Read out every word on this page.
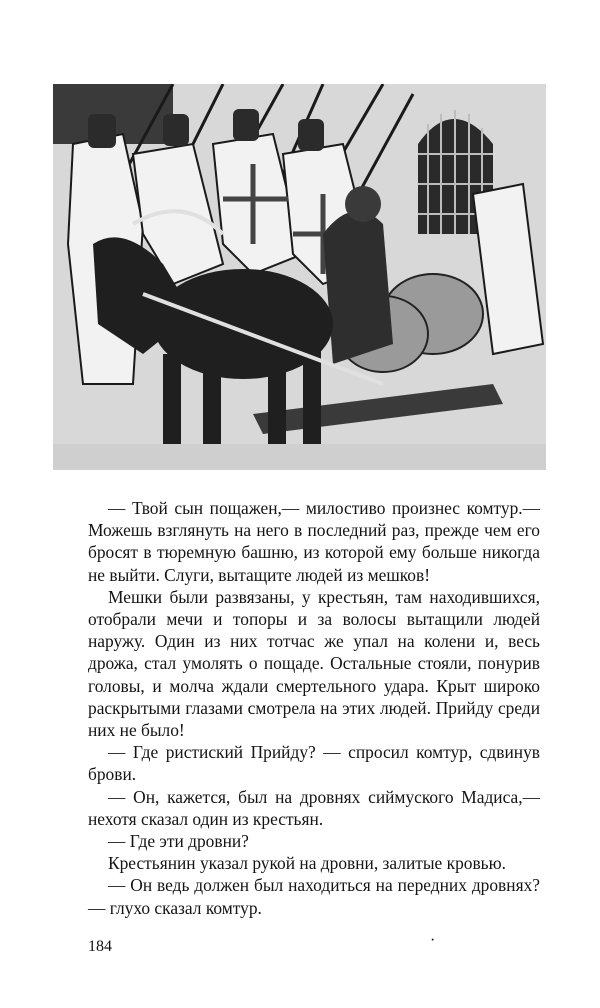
— Твой сын пощажен,— милостиво произнес комтур.— Можешь взглянуть на него в последний раз, прежде чем его бросят в тюремную башню, из которой ему больше никогда не выйти. Слуги, вытащите людей из мешков!

Мешки были развязаны, у крестьян, там находившихся, отобрали мечи и топоры и за волосы вытащили людей наружу. Один из них тотчас же упал на колени и, весь дрожа, стал умолять о пощаде. Остальные стояли, понурив головы, и молча ждали смертельного удара. Крыт широко раскрытыми глазами смотрела на этих людей. Прийду среди них не было!

— Где ристиский Прийду? — спросил комтур, сдвинув брови.

— Он, кажется, был на дровнях сиймуского Мадиса,— нехотя сказал один из крестьян.

— Где эти дровни?

Крестьянин указал рукой на дровни, залитые кровью.

— Он ведь должен был находиться на передних дровнях? — глухо сказал комтур.

184	·
